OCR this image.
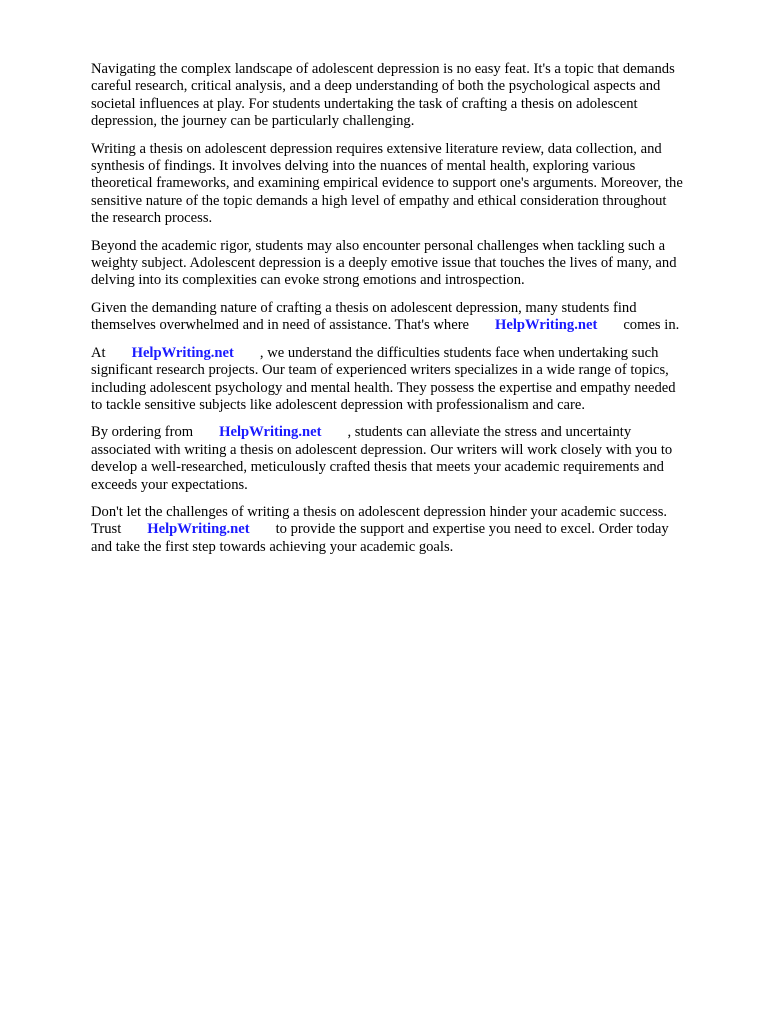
Navigating the complex landscape of adolescent depression is no easy feat. It's a topic that demands
careful research, critical analysis, and a deep understanding of both the psychological aspects and
societal influences at play. For students undertaking the task of crafting a thesis on adolescent
depression, the journey can be particularly challenging.

Writing a thesis on adolescent depression requires extensive literature review, data collection, and
synthesis of findings. It involves delving into the nuances of mental health, exploring various
theoretical frameworks, and examining empirical evidence to support one's arguments. Moreover, the
sensitive nature of the topic demands a high level of empathy and ethical consideration throughout
the research process.

Beyond the academic rigor, students may also encounter personal challenges when tackling such a
weighty subject. Adolescent depression is a deeply emotive issue that touches the lives of many, and
delving into its complexities can evoke strong emotions and introspection.

Given the demanding nature of crafting a thesis on adolescent depression, many students find
themselves overwhelmed and in need of assistance. That's where HelpWriting.net comes in.

At HelpWriting.net , we understand the difficulties students face when undertaking such
significant research projects. Our team of experienced writers specializes in a wide range of topics,
including adolescent psychology and mental health. They possess the expertise and empathy needed
to tackle sensitive subjects like adolescent depression with professionalism and care.

By ordering from HelpWriting.net , students can alleviate the stress and uncertainty
associated with writing a thesis on adolescent depression. Our writers will work closely with you to
develop a well-researched, meticulously crafted thesis that meets your academic requirements and
exceeds your expectations.

Don't let the challenges of writing a thesis on adolescent depression hinder your academic success.
Trust HelpWriting.net to provide the support and expertise you need to excel. Order today
and take the first step towards achieving your academic goals.
